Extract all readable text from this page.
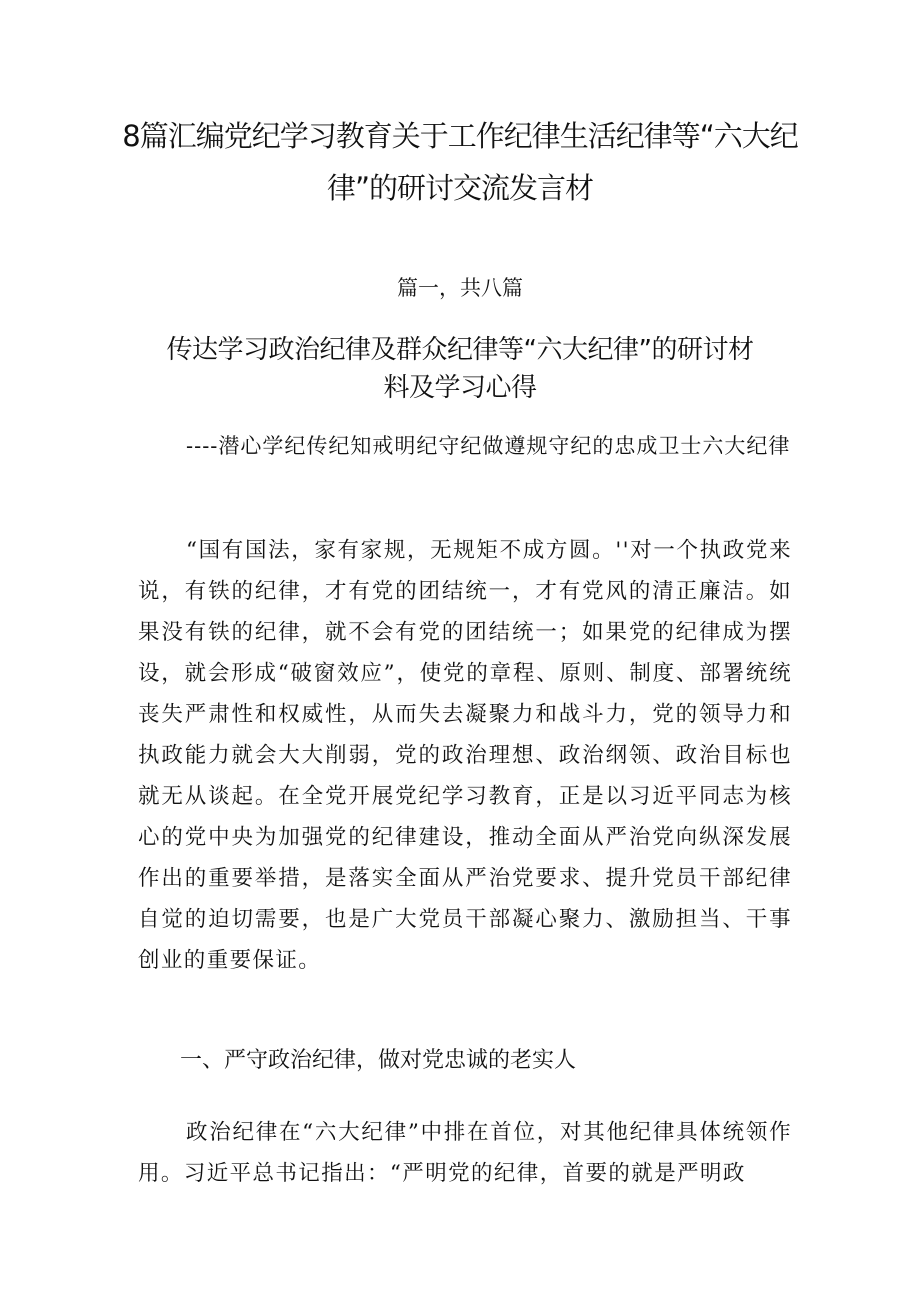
8篇汇编党纪学习教育关于工作纪律生活纪律等“六大纪律”的研讨交流发言材

篇一，共八篇

传达学习政治纪律及群众纪律等“六大纪律”的研讨材料及学习心得

----潜心学纪传纪知戒明纪守纪做遵规守纪的忠成卫士六大纪律

“国有国法，家有家规，无规矩不成方圆。''对一个执政党来说，有铁的纪律，才有党的团结统一，才有党风的清正廉洁。如果没有铁的纪律，就不会有党的团结统一；如果党的纪律成为摆设，就会形成“破窗效应”，使党的章程、原则、制度、部署统统丧失严肃性和权威性，从而失去凝聚力和战斗力，党的领导力和执政能力就会大大削弱，党的政治理想、政治纲领、政治目标也就无从谈起。在全党开展党纪学习教育，正是以习近平同志为核心的党中央为加强党的纪律建设，推动全面从严治党向纵深发展作出的重要举措，是落实全面从严治党要求、提升党员干部纪律自觉的迫切需要，也是广大党员干部凝心聚力、激励担当、干事创业的重要保证。

一、严守政治纪律，做对党忠诚的老实人

政治纪律在“六大纪律”中排在首位，对其他纪律具体统领作用。习近平总书记指出：“严明党的纪律，首要的就是严明政
